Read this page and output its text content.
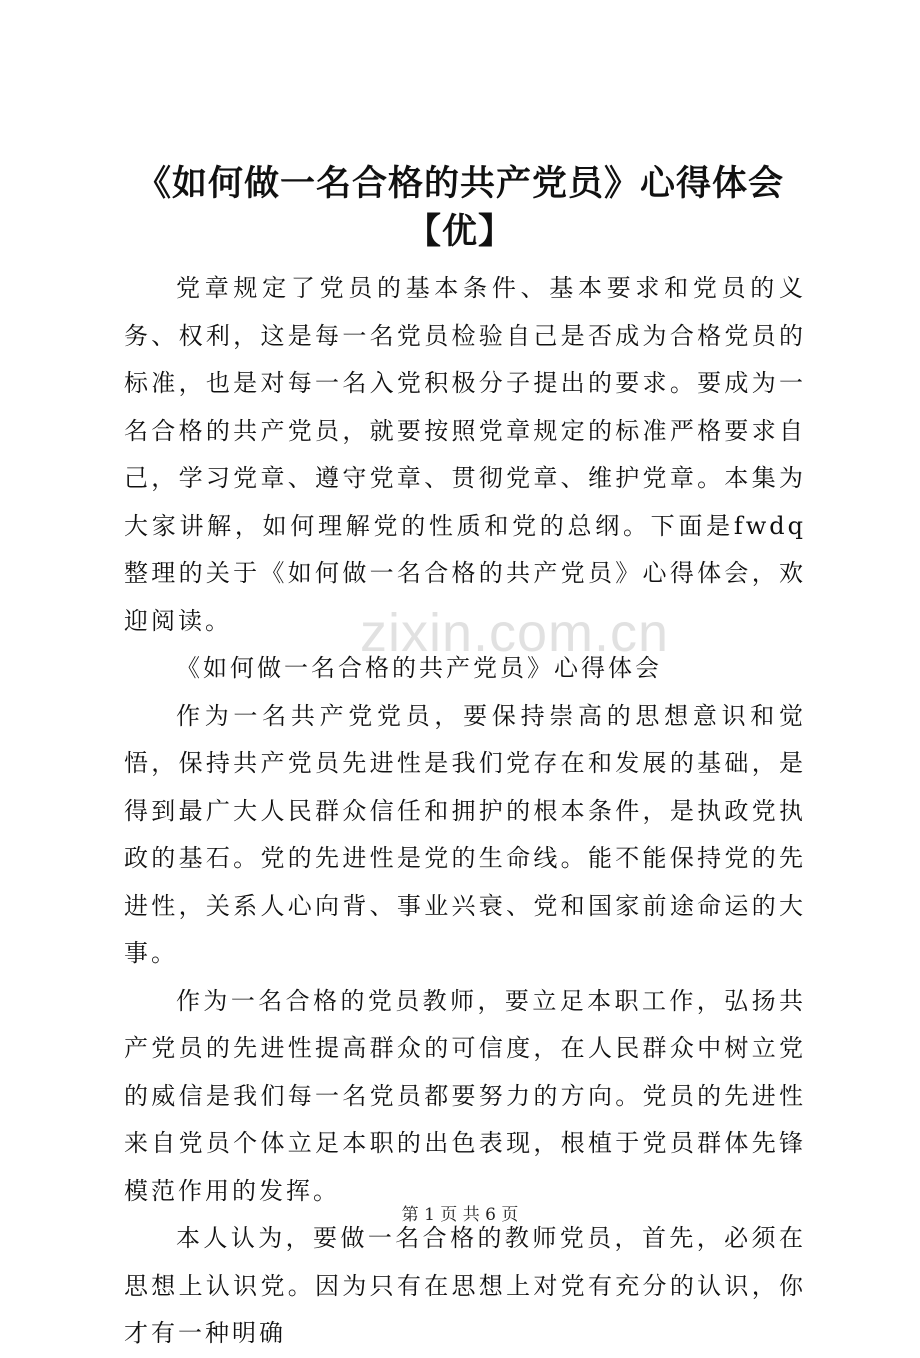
《如何做一名合格的共产党员》心得体会
【优】

党章规定了党员的基本条件、基本要求和党员的义务、权利，这是每一名党员检验自己是否成为合格党员的标准，也是对每一名入党积极分子提出的要求。要成为一名合格的共产党员，就要按照党章规定的标准严格要求自己，学习党章、遵守党章、贯彻党章、维护党章。本集为大家讲解，如何理解党的性质和党的总纲。下面是fwdq整理的关于《如何做一名合格的共产党员》心得体会，欢迎阅读。

《如何做一名合格的共产党员》心得体会

作为一名共产党党员，要保持崇高的思想意识和觉悟，保持共产党员先进性是我们党存在和发展的基础，是得到最广大人民群众信任和拥护的根本条件，是执政党执政的基石。党的先进性是党的生命线。能不能保持党的先进性，关系人心向背、事业兴衰、党和国家前途命运的大事。

作为一名合格的党员教师，要立足本职工作，弘扬共产党员的先进性提高群众的可信度，在人民群众中树立党的威信是我们每一名党员都要努力的方向。党员的先进性来自党员个体立足本职的出色表现，根植于党员群体先锋模范作用的发挥。

本人认为，要做一名合格的教师党员，首先，必须在思想上认识党。因为只有在思想上对党有充分的认识，你才有一种明确

zixin.com.cn
第 1 页 共 6 页
